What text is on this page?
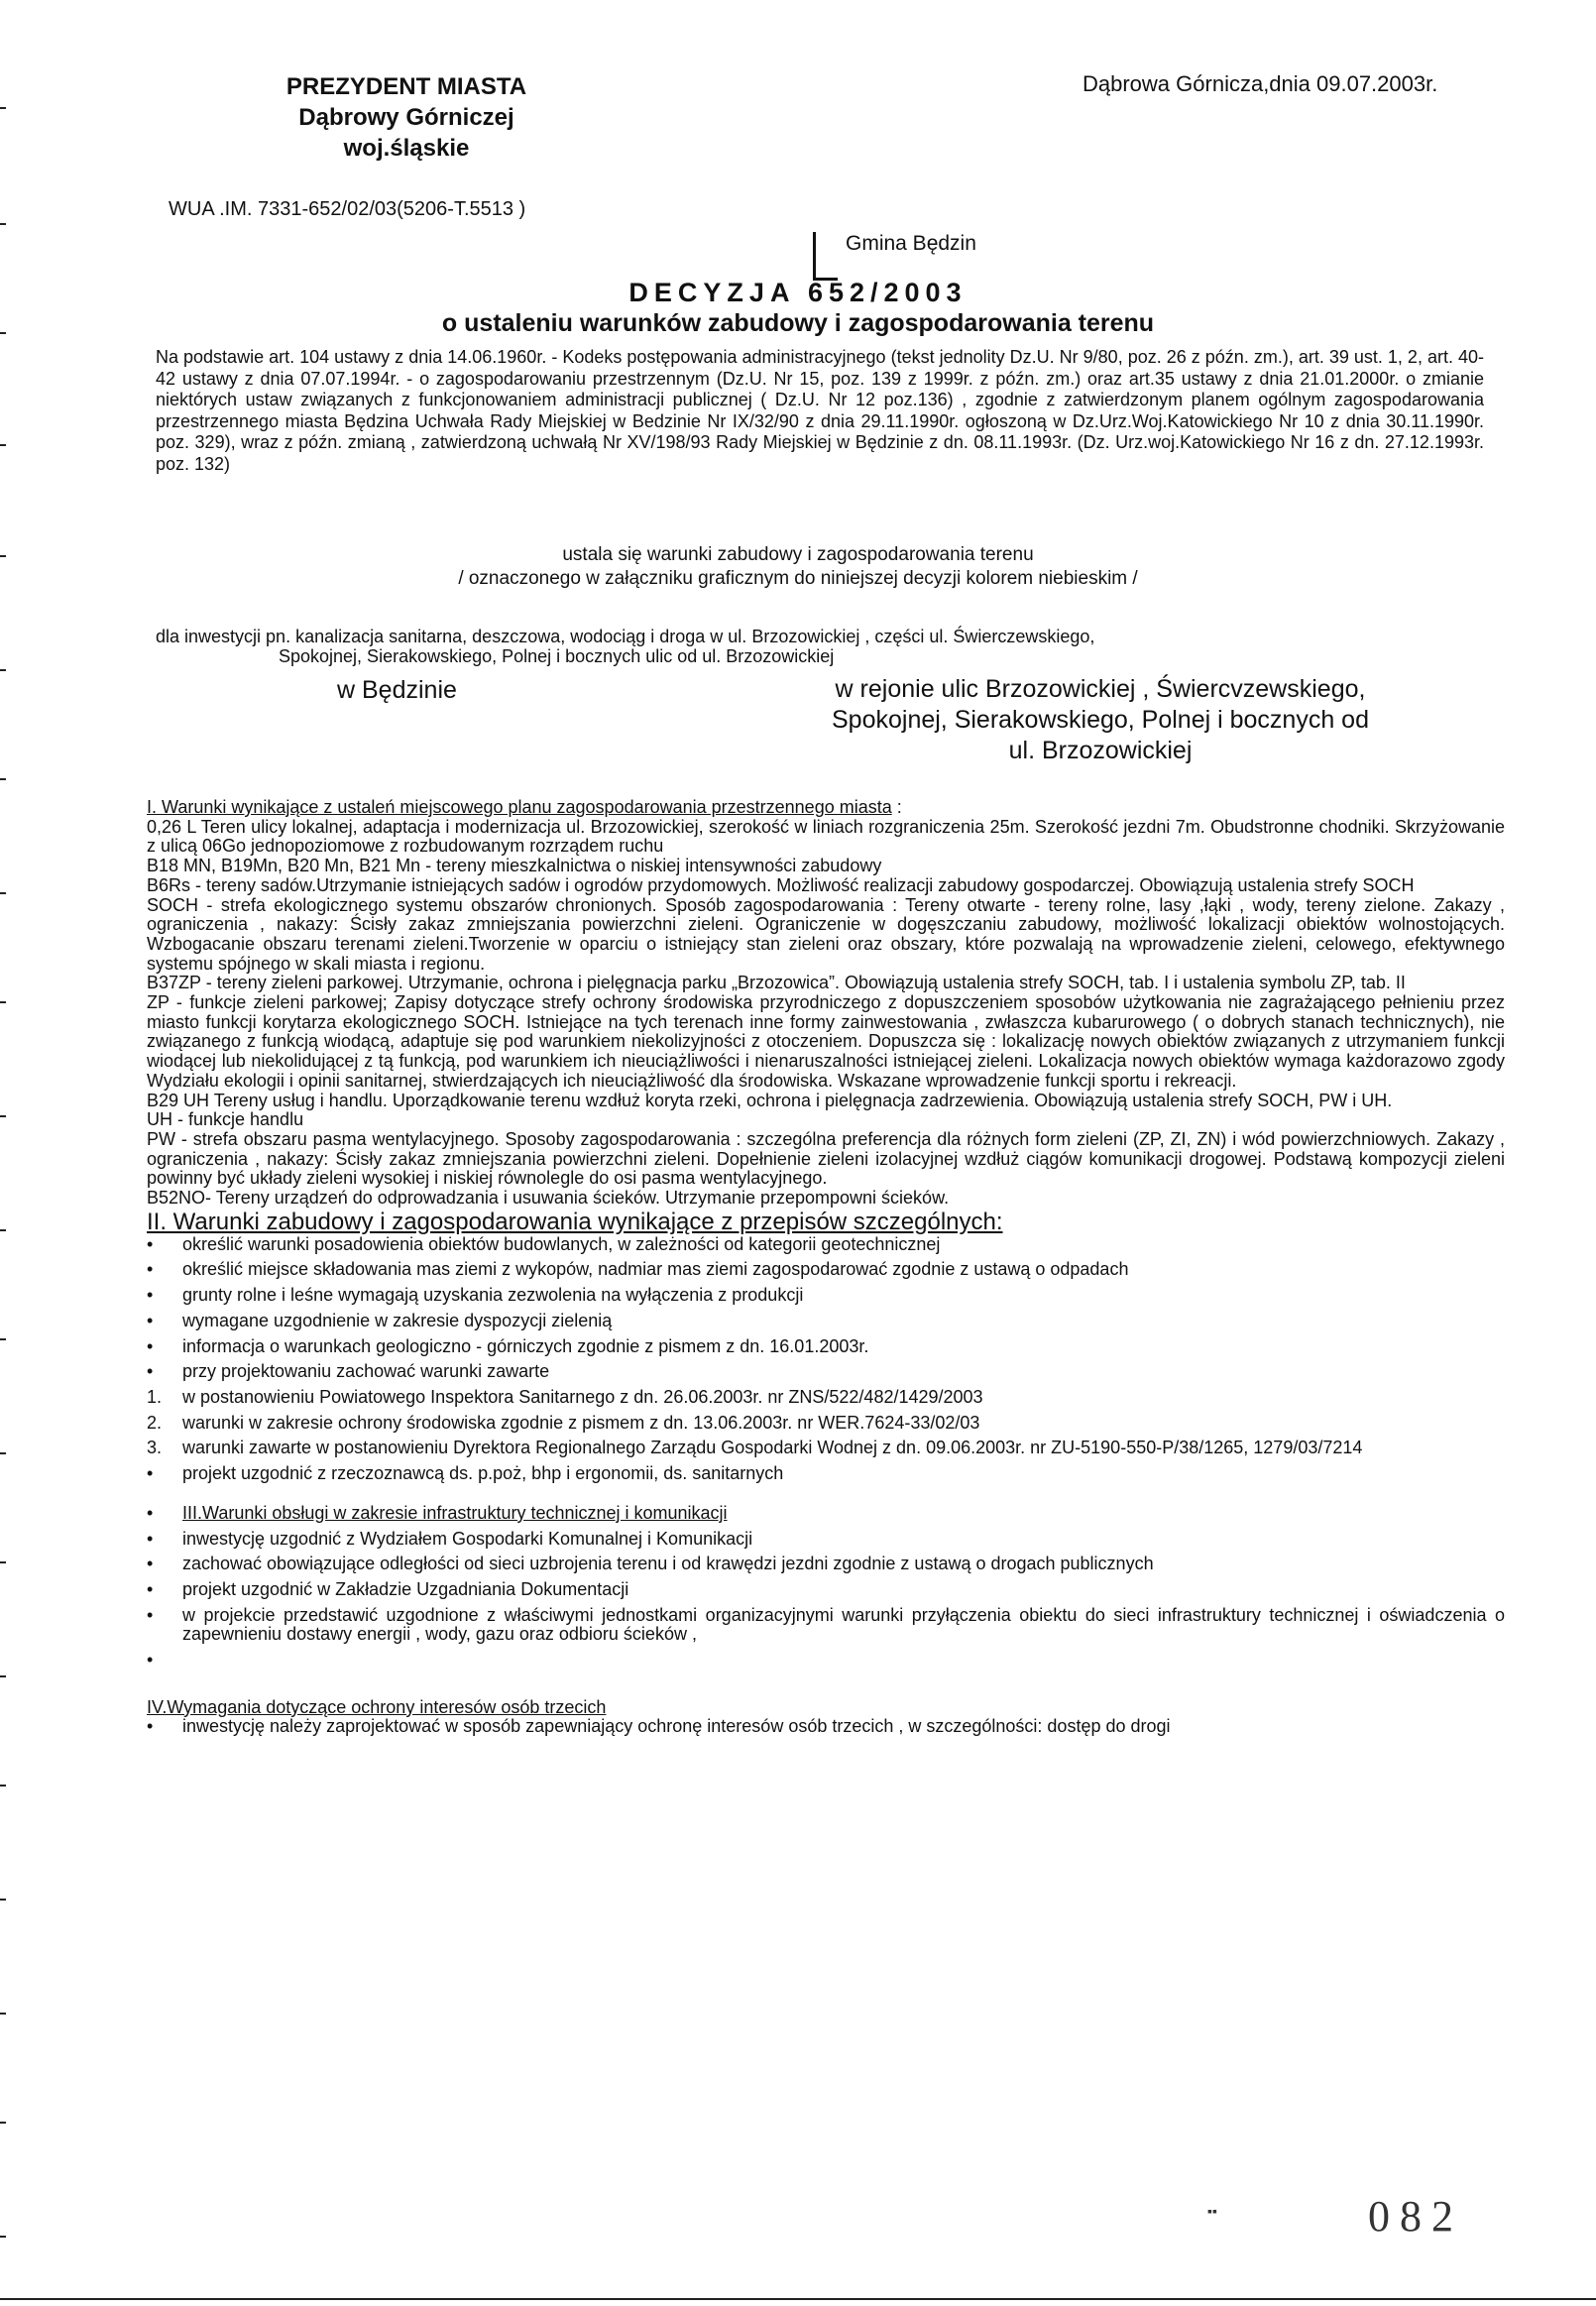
PREZYDENT MIASTA
Dąbrowy Górniczej
woj.śląskie
Dąbrowa Górnicza,dnia 09.07.2003r.
WUA .IM. 7331-652/02/03(5206-T.5513 )
Gmina Będzin
DECYZJA 652/2003
o ustaleniu warunków zabudowy i zagospodarowania terenu
Na podstawie art. 104 ustawy z dnia 14.06.1960r. - Kodeks postępowania administracyjnego (tekst jednolity Dz.U. Nr 9/80, poz. 26 z późn. zm.), art. 39 ust. 1, 2, art. 40-42 ustawy z dnia 07.07.1994r. - o zagospodarowaniu przestrzennym (Dz.U. Nr 15, poz. 139 z 1999r. z późn. zm.) oraz art.35 ustawy z dnia 21.01.2000r. o zmianie niektórych ustaw związanych z funkcjonowaniem administracji publicznej ( Dz.U. Nr 12 poz.136) , zgodnie z zatwierdzonym planem ogólnym zagospodarowania przestrzennego miasta Będzina Uchwała Rady Miejskiej w Bedzinie Nr IX/32/90 z dnia 29.11.1990r. ogłoszoną w Dz.Urz.Woj.Katowickiego Nr 10 z dnia 30.11.1990r. poz. 329), wraz z późn. zmianą , zatwierdzoną uchwałą Nr XV/198/93 Rady Miejskiej w Będzinie z dn. 08.11.1993r. (Dz. Urz.woj.Katowickiego Nr 16 z dn. 27.12.1993r. poz. 132)
ustala się warunki zabudowy i zagospodarowania terenu
/ oznaczonego w załączniku graficznym do niniejszej decyzji kolorem niebieskim /
dla inwestycji pn. kanalizacja sanitarna, deszczowa, wodociąg i droga w ul. Brzozowickiej , części ul. Świerczewskiego,
Spokojnej, Sierakowskiego, Polnej i bocznych ulic od ul. Brzozowickiej
w Będzinie	w rejonie ulic Brzozowickiej , Świercvzewskiego,
Spokojnej, Sierakowskiego, Polnej i bocznych od
ul. Brzozowickiej

I. Warunki wynikające z ustaleń miejscowego planu zagospodarowania przestrzennego miasta :

0,26 L Teren ulicy lokalnej, adaptacja i modernizacja ul. Brzozowickiej, szerokość w liniach rozgraniczenia 25m. Szerokość jezdni 7m. Obudstronne chodniki. Skrzyżowanie z ulicą 06Go jednopoziomowe z rozbudowanym rozrządem ruchu

B18 MN, B19Mn, B20 Mn, B21 Mn - tereny mieszkalnictwa o niskiej intensywności zabudowy

B6Rs - tereny sadów.Utrzymanie istniejących sadów i ogrodów przydomowych. Możliwość realizacji zabudowy gospodarczej. Obowiązują ustalenia strefy SOCH

SOCH - strefa ekologicznego systemu obszarów chronionych. Sposób zagospodarowania : Tereny otwarte - tereny rolne, lasy ,łąki , wody, tereny zielone. Zakazy , ograniczenia , nakazy: Ścisły zakaz zmniejszania powierzchni zieleni. Ograniczenie w dogęszczaniu zabudowy, możliwość lokalizacji obiektów wolnostojących. Wzbogacanie obszaru terenami zieleni.Tworzenie w oparciu o istniejący stan zieleni oraz obszary, które pozwalają na wprowadzenie zieleni, celowego, efektywnego systemu spójnego w skali miasta i regionu.

B37ZP - tereny zieleni parkowej. Utrzymanie, ochrona i pielęgnacja parku „Brzozowica”. Obowiązują ustalenia strefy SOCH, tab. I i ustalenia symbolu ZP, tab. II

ZP - funkcje zieleni parkowej; Zapisy dotyczące strefy ochrony środowiska przyrodniczego z dopuszczeniem sposobów użytkowania nie zagrażającego pełnieniu przez miasto funkcji korytarza ekologicznego SOCH. Istniejące na tych terenach inne formy zainwestowania , zwłaszcza kubarurowego ( o dobrych stanach technicznych), nie związanego z funkcją wiodącą, adaptuje się pod warunkiem niekolizyjności z otoczeniem. Dopuszcza się : lokalizację nowych obiektów związanych z utrzymaniem funkcji wiodącej lub niekolidującej z tą funkcją, pod warunkiem ich nieuciążliwości i nienaruszalności istniejącej zieleni. Lokalizacja nowych obiektów wymaga każdorazowo zgody Wydziału ekologii i opinii sanitarnej, stwierdzających ich nieuciążliwość dla środowiska. Wskazane wprowadzenie funkcji sportu i rekreacji.

B29 UH Tereny usług i handlu. Uporządkowanie terenu wzdłuż koryta rzeki, ochrona i pielęgnacja zadrzewienia. Obowiązują ustalenia strefy SOCH, PW i UH.

UH - funkcje handlu

PW - strefa obszaru pasma wentylacyjnego. Sposoby zagospodarowania : szczególna preferencja dla różnych form zieleni (ZP, ZI, ZN) i wód powierzchniowych. Zakazy , ograniczenia , nakazy: Ścisły zakaz zmniejszania powierzchni zieleni. Dopełnienie zieleni izolacyjnej wzdłuż ciągów komunikacji drogowej. Podstawą kompozycji zieleni powinny być układy zieleni wysokiej i niskiej równolegle do osi pasma wentylacyjnego.

B52NO- Tereny urządzeń do odprowadzania i usuwania ścieków. Utrzymanie przepompowni ścieków.

II. Warunki zabudowy i zagospodarowania wynikające z przepisów szczególnych:

• określić warunki posadowienia obiektów budowlanych, w zależności od kategorii geotechnicznej
• określić miejsce składowania mas ziemi z wykopów, nadmiar mas ziemi zagospodarować zgodnie z ustawą o odpadach
• grunty rolne i leśne wymagają uzyskania zezwolenia na wyłączenia z produkcji
• wymagane uzgodnienie w zakresie dyspozycji zielenią
• informacja o warunkach geologiczno - górniczych zgodnie z pismem z dn. 16.01.2003r.
• przy projektowaniu zachować warunki zawarte
1. w postanowieniu Powiatowego Inspektora Sanitarnego z dn. 26.06.2003r. nr ZNS/522/482/1429/2003
2. warunki w zakresie ochrony środowiska zgodnie z pismem z dn. 13.06.2003r. nr WER.7624-33/02/03
3. warunki zawarte w postanowieniu Dyrektora Regionalnego Zarządu Gospodarki Wodnej z dn. 09.06.2003r. nr ZU-5190-550-P/38/1265, 1279/03/7214
• projekt uzgodnić z rzeczoznawcą ds. p.poż, bhp i ergonomii, ds. sanitarnych
• III.Warunki obsługi w zakresie infrastruktury technicznej i komunikacji
• inwestycję uzgodnić z Wydziałem Gospodarki Komunalnej i Komunikacji
• zachować obowiązujące odległości od sieci uzbrojenia terenu i od krawędzi jezdni zgodnie z ustawą o drogach publicznych
• projekt uzgodnić w Zakładzie Uzgadniania Dokumentacji
• w projekcie przedstawić uzgodnione z właściwymi jednostkami organizacyjnymi warunki przyłączenia obiektu do sieci infrastruktury technicznej i oświadczenia o zapewnieniu dostawy energii , wody, gazu oraz odbioru ścieków ,
•

IV.Wymagania dotyczące ochrony interesów osób trzecich

• inwestycję należy zaprojektować w sposób zapewniający ochronę interesów osób trzecich , w szczególności: dostęp do drogi
▪▪	082
